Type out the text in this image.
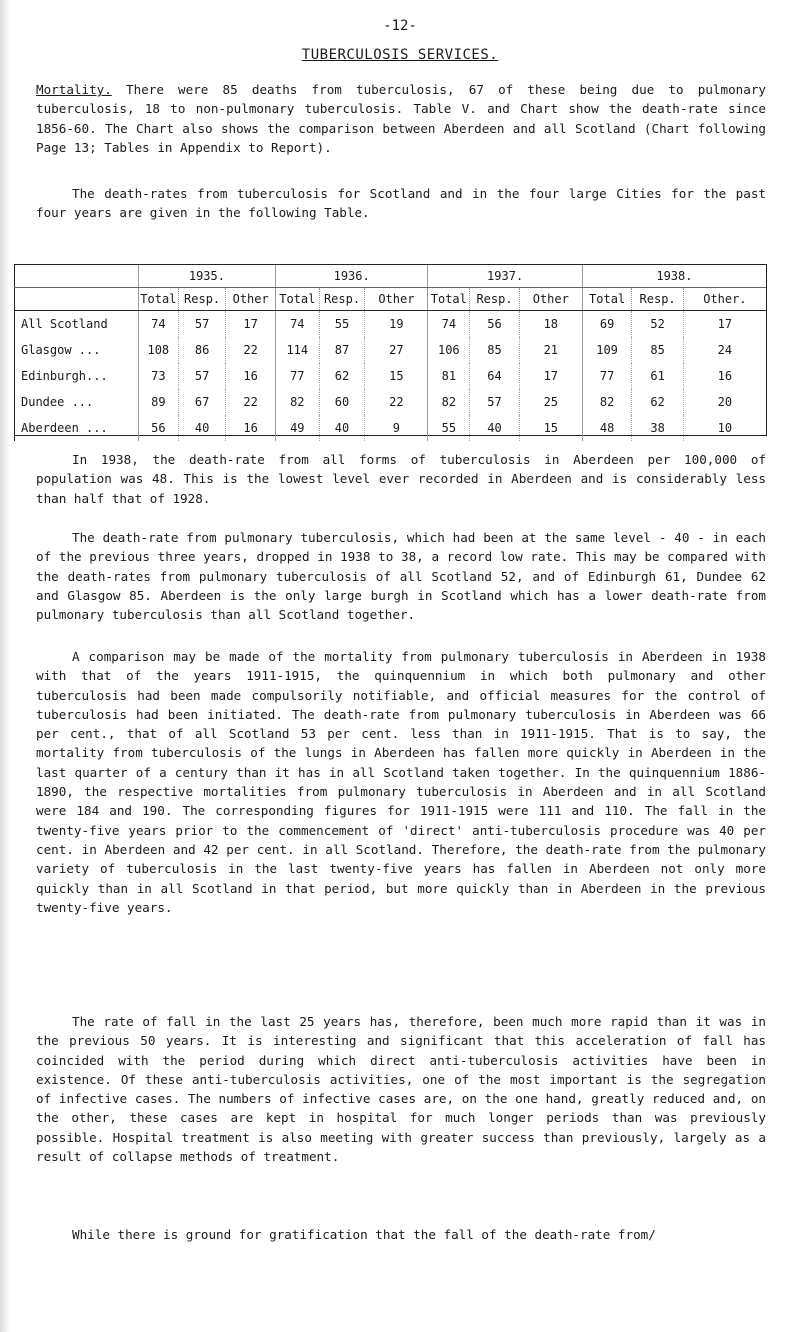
-12-
TUBERCULOSIS SERVICES.

Mortality. There were 85 deaths from tuberculosis, 67 of these being due to pulmonary tuberculosis, 18 to non-pulmonary tuberculosis. Table V. and Chart show the death-rate since 1856-60. The Chart also shows the comparison between Aberdeen and all Scotland (Chart following Page 13; Tables in Appendix to Report).

The death-rates from tuberculosis for Scotland and in the four large Cities for the past four years are given in the following Table.

	1935.			1936.			1937.			1938.		
	Total	Resp.	Other	Total	Resp.	Other	Total	Resp.	Other	Total	Resp.	Other.
All Scotland	74	57	17	74	55	19	74	56	18	69	52	17
Glasgow ...	108	86	22	114	87	27	106	85	21	109	85	24
Edinburgh...	73	57	16	77	62	15	81	64	17	77	61	16
Dundee ...	89	67	22	82	60	22	82	57	25	82	62	20
Aberdeen ...	56	40	16	49	40	9	55	40	15	48	38	10

In 1938, the death-rate from all forms of tuberculosis in Aberdeen per 100,000 of population was 48. This is the lowest level ever recorded in Aberdeen and is considerably less than half that of 1928.

The death-rate from pulmonary tuberculosis, which had been at the same level - 40 - in each of the previous three years, dropped in 1938 to 38, a record low rate. This may be compared with the death-rates from pulmonary tuberculosis of all Scotland 52, and of Edinburgh 61, Dundee 62 and Glasgow 85. Aberdeen is the only large burgh in Scotland which has a lower death-rate from pulmonary tuberculosis than all Scotland together.

A comparison may be made of the mortality from pulmonary tuberculosis in Aberdeen in 1938 with that of the years 1911-1915, the quinquennium in which both pulmonary and other tuberculosis had been made compulsorily notifiable, and official measures for the control of tuberculosis had been initiated. The death-rate from pulmonary tuberculosis in Aberdeen was 66 per cent., that of all Scotland 53 per cent. less than in 1911-1915. That is to say, the mortality from tuberculosis of the lungs in Aberdeen has fallen more quickly in Aberdeen in the last quarter of a century than it has in all Scotland taken together. In the quinquennium 1886-1890, the respective mortalities from pulmonary tuberculosis in Aberdeen and in all Scotland were 184 and 190. The corresponding figures for 1911-1915 were 111 and 110. The fall in the twenty-five years prior to the commencement of 'direct' anti-tuberculosis procedure was 40 per cent. in Aberdeen and 42 per cent. in all Scotland. Therefore, the death-rate from the pulmonary variety of tuberculosis in the last twenty-five years has fallen in Aberdeen not only more quickly than in all Scotland in that period, but more quickly than in Aberdeen in the previous twenty-five years.

The rate of fall in the last 25 years has, therefore, been much more rapid than it was in the previous 50 years. It is interesting and significant that this acceleration of fall has coincided with the period during which direct anti-tuberculosis activities have been in existence. Of these anti-tuberculosis activities, one of the most important is the segregation of infective cases. The numbers of infective cases are, on the one hand, greatly reduced and, on the other, these cases are kept in hospital for much longer periods than was previously possible. Hospital treatment is also meeting with greater success than previously, largely as a result of collapse methods of treatment.

While there is ground for gratification that the fall of the death-rate from/
